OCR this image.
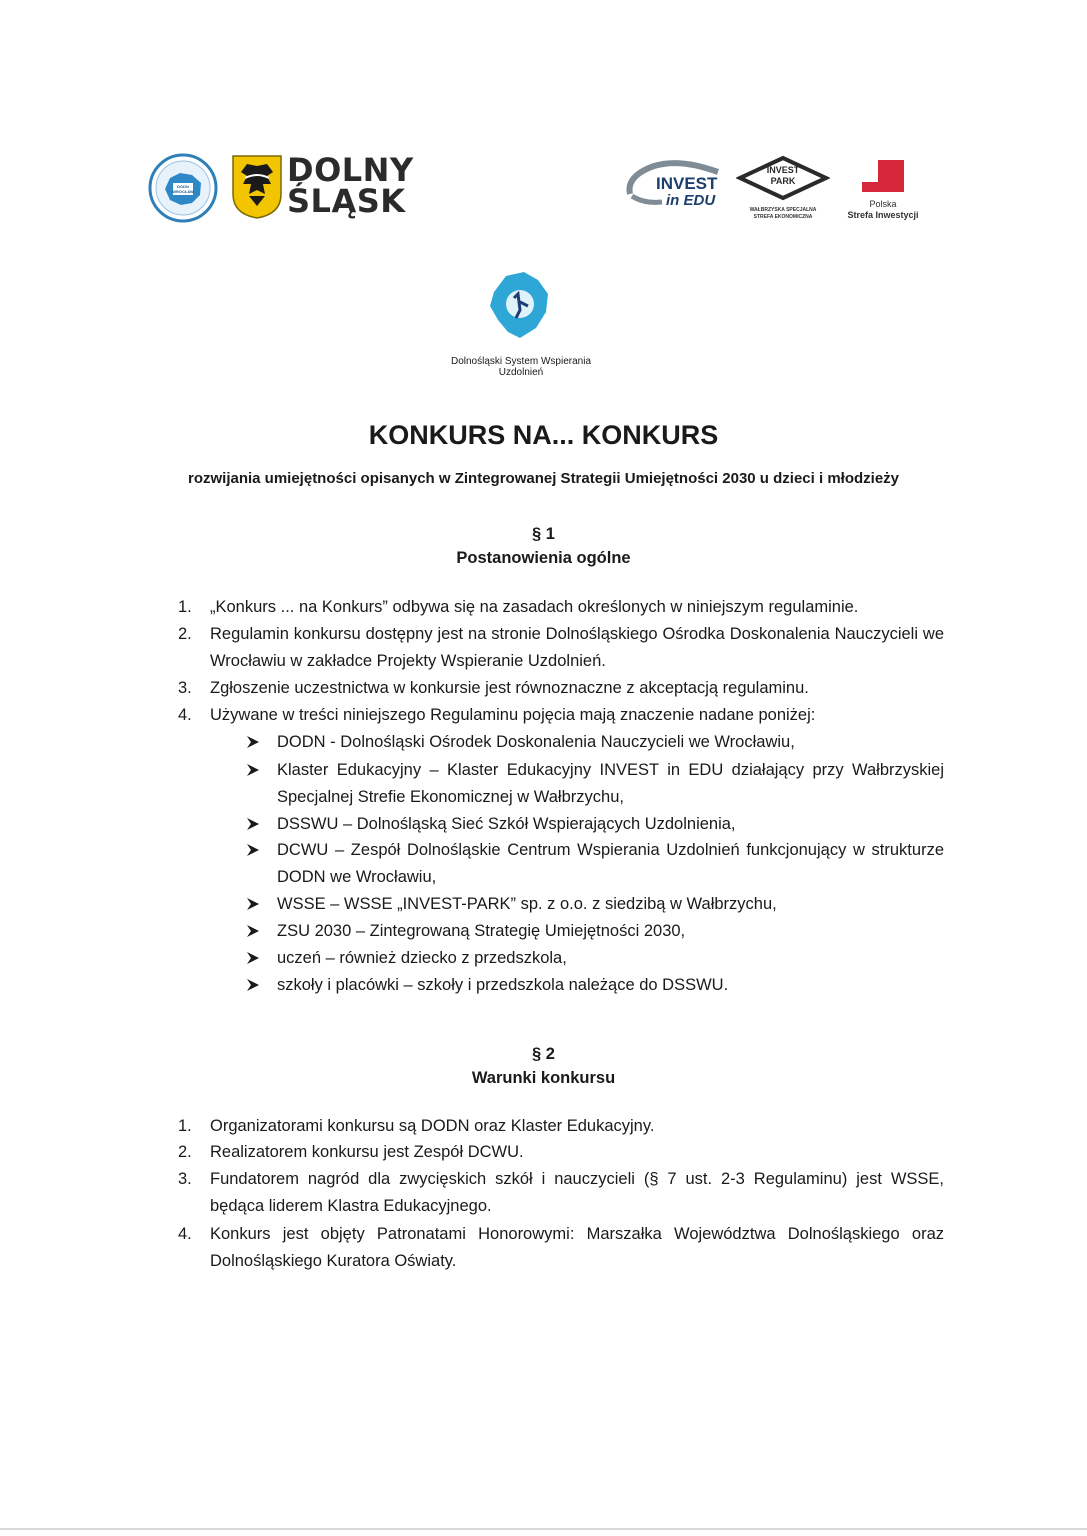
DODN WROCŁAW
DOLNY
ŚLĄSK	INVEST
in EDU
INVEST
PARK
WAŁBRZYSKA SPECJALNA
STREFA EKONOMICZNA
Polska
Strefa Inwestycji
Dolnośląski System Wspierania Uzdolnień
KONKURS NA... KONKURS
rozwijania umiejętności opisanych w Zintegrowanej Strategii Umiejętności 2030 u dzieci i młodzieży
§ 1
Postanowienia ogólne
1.	„Konkurs ... na Konkurs” odbywa się na zasadach określonych w niniejszym regulaminie.
2.	Regulamin konkursu dostępny jest na stronie Dolnośląskiego Ośrodka Doskonalenia Nauczycieli we Wrocławiu w zakładce Projekty Wspieranie Uzdolnień.
3.	Zgłoszenie uczestnictwa w konkursie jest równoznaczne z akceptacją regulaminu.
4.	Używane w treści niniejszego Regulaminu pojęcia mają znaczenie nadane poniżej:
DODN - Dolnośląski Ośrodek Doskonalenia Nauczycieli we Wrocławiu,
Klaster Edukacyjny – Klaster Edukacyjny INVEST in EDU działający przy Wałbrzyskiej Specjalnej Strefie Ekonomicznej w Wałbrzychu,
DSSWU – Dolnośląską Sieć Szkół Wspierających Uzdolnienia,
DCWU – Zespół Dolnośląskie Centrum Wspierania Uzdolnień funkcjonujący w strukturze DODN we Wrocławiu,
WSSE – WSSE „INVEST-PARK” sp. z o.o. z siedzibą w Wałbrzychu,
ZSU 2030 – Zintegrowaną Strategię Umiejętności 2030,
uczeń – również dziecko z przedszkola,
szkoły i placówki – szkoły i przedszkola należące do DSSWU.
§ 2
Warunki konkursu
1.	Organizatorami konkursu są DODN oraz Klaster Edukacyjny.
2.	Realizatorem konkursu jest Zespół DCWU.
3.	Fundatorem nagród dla zwycięskich szkół i nauczycieli (§ 7 ust. 2-3 Regulaminu) jest WSSE, będąca liderem Klastra Edukacyjnego.
4.	Konkurs jest objęty Patronatami Honorowymi: Marszałka Województwa Dolnośląskiego oraz Dolnośląskiego Kuratora Oświaty.
